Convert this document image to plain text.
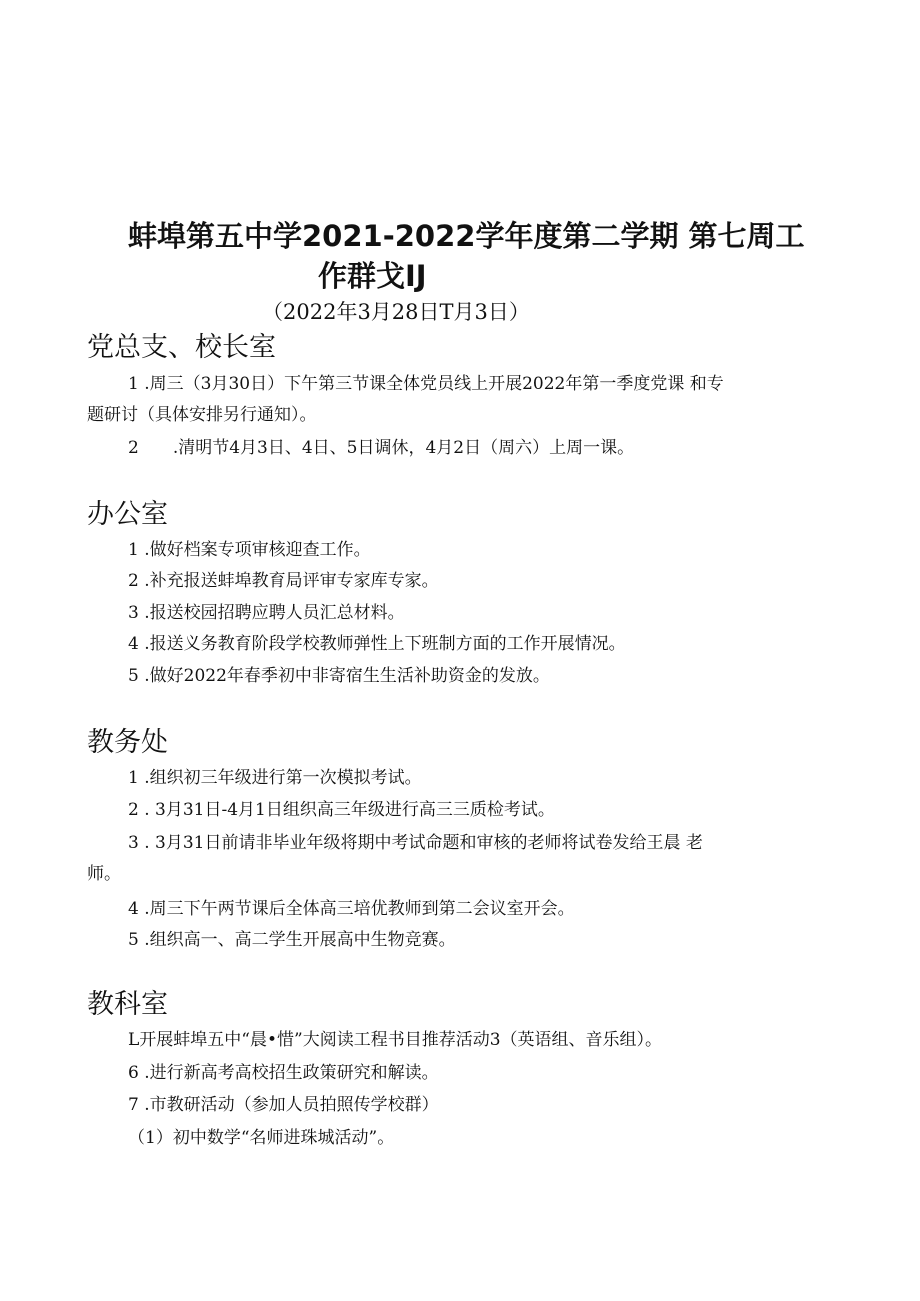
蚌埠第五中学2021-2022学年度第二学期 第七周工
作群戈IJ
（2022年3月28日T月3日）
党总支、校长室
1 .周三（3月30日）下午第三节课全体党员线上开展2022年第一季度党课 和专
题研讨（具体安排另行通知）。
2　　.清明节4月3日、4日、5日调休，4月2日（周六）上周一课。
办公室
1 .做好档案专项审核迎查工作。
2 .补充报送蚌埠教育局评审专家库专家。
3 .报送校园招聘应聘人员汇总材料。
4 .报送义务教育阶段学校教师弹性上下班制方面的工作开展情况。
5 .做好2022年春季初中非寄宿生生活补助资金的发放。
教务处
1 .组织初三年级进行第一次模拟考试。
2 . 3月31日-4月1日组织高三年级进行高三三质检考试。
3 . 3月31日前请非毕业年级将期中考试命题和审核的老师将试卷发给王晨 老
师。
4 .周三下午两节课后全体高三培优教师到第二会议室开会。
5 .组织高一、高二学生开展高中生物竞赛。
教科室
L开展蚌埠五中“晨•惜”大阅读工程书目推荐活动3（英语组、音乐组）。
6 .进行新高考高校招生政策研究和解读。
7 .市教研活动（参加人员拍照传学校群）
（1）初中数学“名师进珠城活动”。
